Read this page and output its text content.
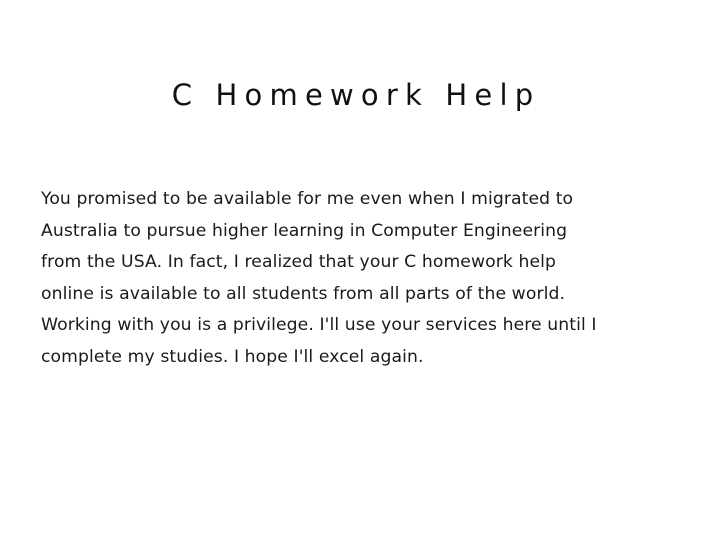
C Homework Help

You promised to be available for me even when I migrated to
Australia to pursue higher learning in Computer Engineering
from the USA. In fact, I realized that your C homework help
online is available to all students from all parts of the world.
Working with you is a privilege. I'll use your services here until I
complete my studies. I hope I'll excel again.
